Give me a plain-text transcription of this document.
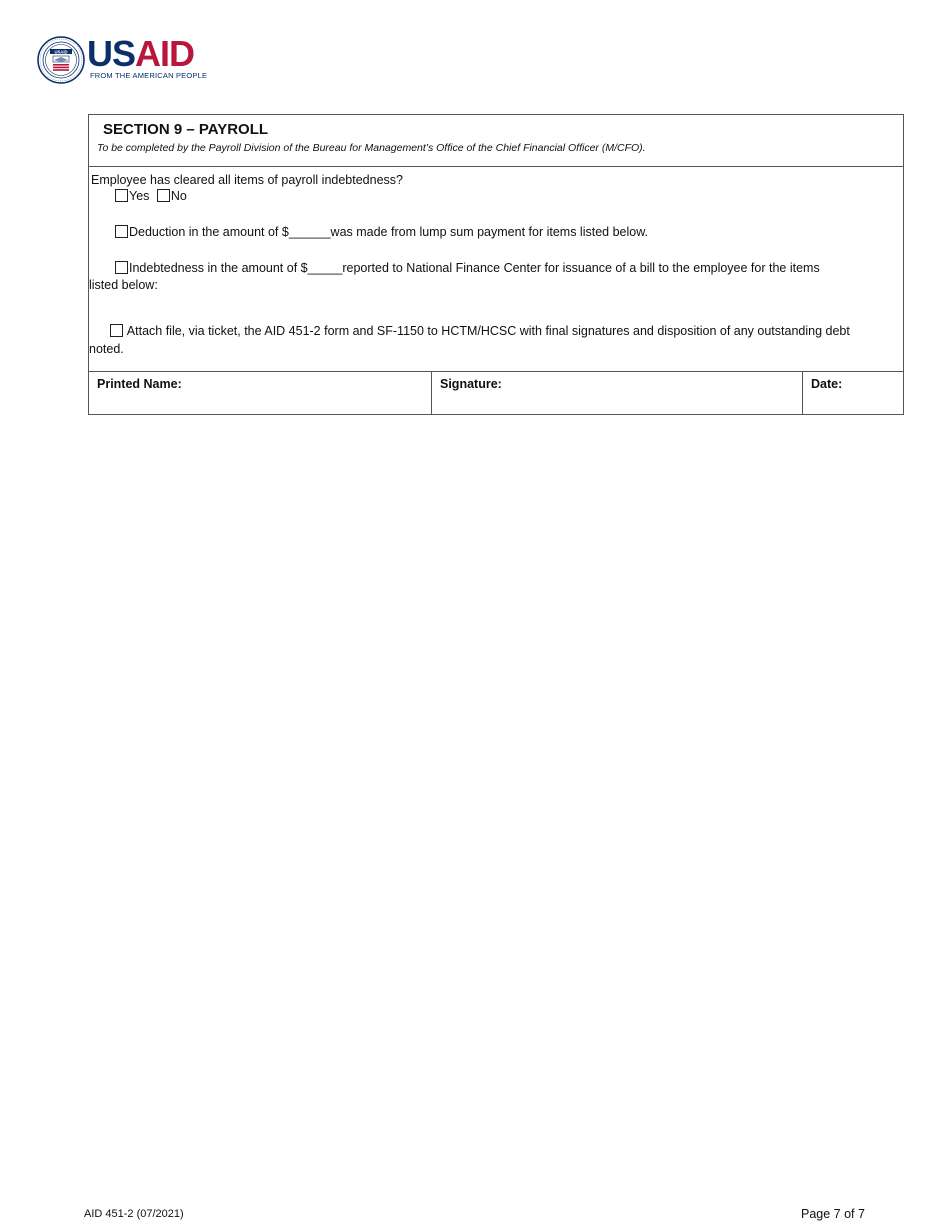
USAID USAID
FROM THE AMERICAN PEOPLE
SECTION 9 – PAYROLL
To be completed by the Payroll Division of the Bureau for Management’s Office of the Chief Financial Officer (M/CFO).
Employee has cleared all items of payroll indebtedness?
Yes No
Deduction in the amount of $______was made from lump sum payment for items listed below.
Indebtedness in the amount of $_____reported to National Finance Center for issuance of a bill to the employee for the items
listed below:
Attach file, via ticket, the AID 451-2 form and SF-1150 to HCTM/HCSC with final signatures and disposition of any outstanding debt
noted.
Printed Name:	Signature:	Date:
AID 451-2 (07/2021)	Page 7 of 7
